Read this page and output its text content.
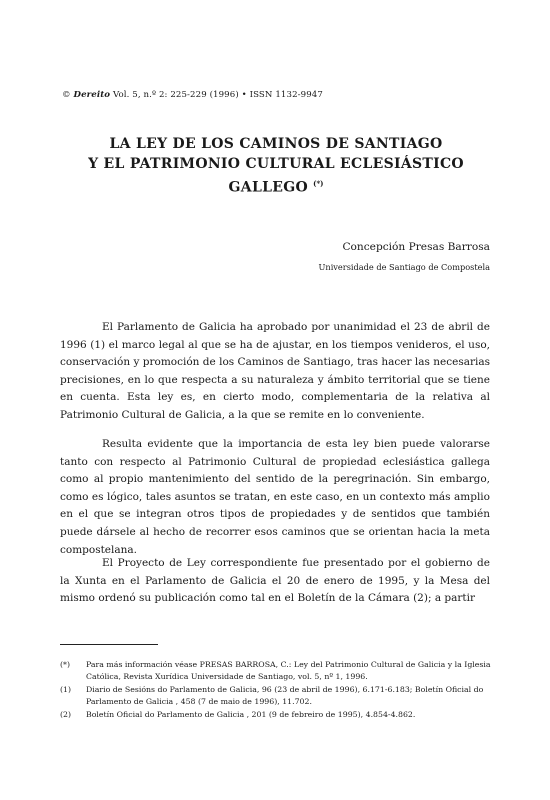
© Dereito Vol. 5, n.º 2: 225-229 (1996) • ISSN 1132-9947
LA LEY DE LOS CAMINOS DE SANTIAGO
Y EL PATRIMONIO CULTURAL ECLESIÁSTICO
GALLEGO (*)
Concepción Presas Barrosa
Universidade de Santiago de Compostela

El Parlamento de Galicia ha aprobado por unanimidad el 23 de abril de 1996 (1) el marco legal al que se ha de ajustar, en los tiempos venideros, el uso, conservación y promoción de los Caminos de Santiago, tras hacer las necesarias precisiones, en lo que respecta a su naturaleza y ámbito territorial que se tiene en cuenta. Esta ley es, en cierto modo, complementaria de la relativa al Patrimonio Cultural de Galicia, a la que se remite en lo conveniente.

Resulta evidente que la importancia de esta ley bien puede valorarse tanto con respecto al Patrimonio Cultural de propiedad eclesiástica gallega como al propio mantenimiento del sentido de la peregrinación. Sin embargo, como es lógico, tales asuntos se tratan, en este caso, en un contexto más amplio en el que se integran otros tipos de propiedades y de sentidos que también puede dársele al hecho de recorrer esos caminos que se orientan hacia la meta compostelana.

El Proyecto de Ley correspondiente fue presentado por el gobierno de la Xunta en el Parlamento de Galicia el 20 de enero de 1995, y la Mesa del mismo ordenó su publicación como tal en el Boletín de la Cámara (2); a partir

(*)	Para más información véase PRESAS BARROSA, C.: Ley del Patrimonio Cultural de Galicia y la Iglesia Católica, Revista Xurídica Universidade de Santiago, vol. 5, nº 1, 1996.
(1)	Diario de Sesións do Parlamento de Galicia, 96 (23 de abril de 1996), 6.171-6.183; Boletín Oficial do Parlamento de Galicia , 458 (7 de maio de 1996), 11.702.
(2)	Boletín Oficial do Parlamento de Galicia , 201 (9 de febreiro de 1995), 4.854-4.862.
